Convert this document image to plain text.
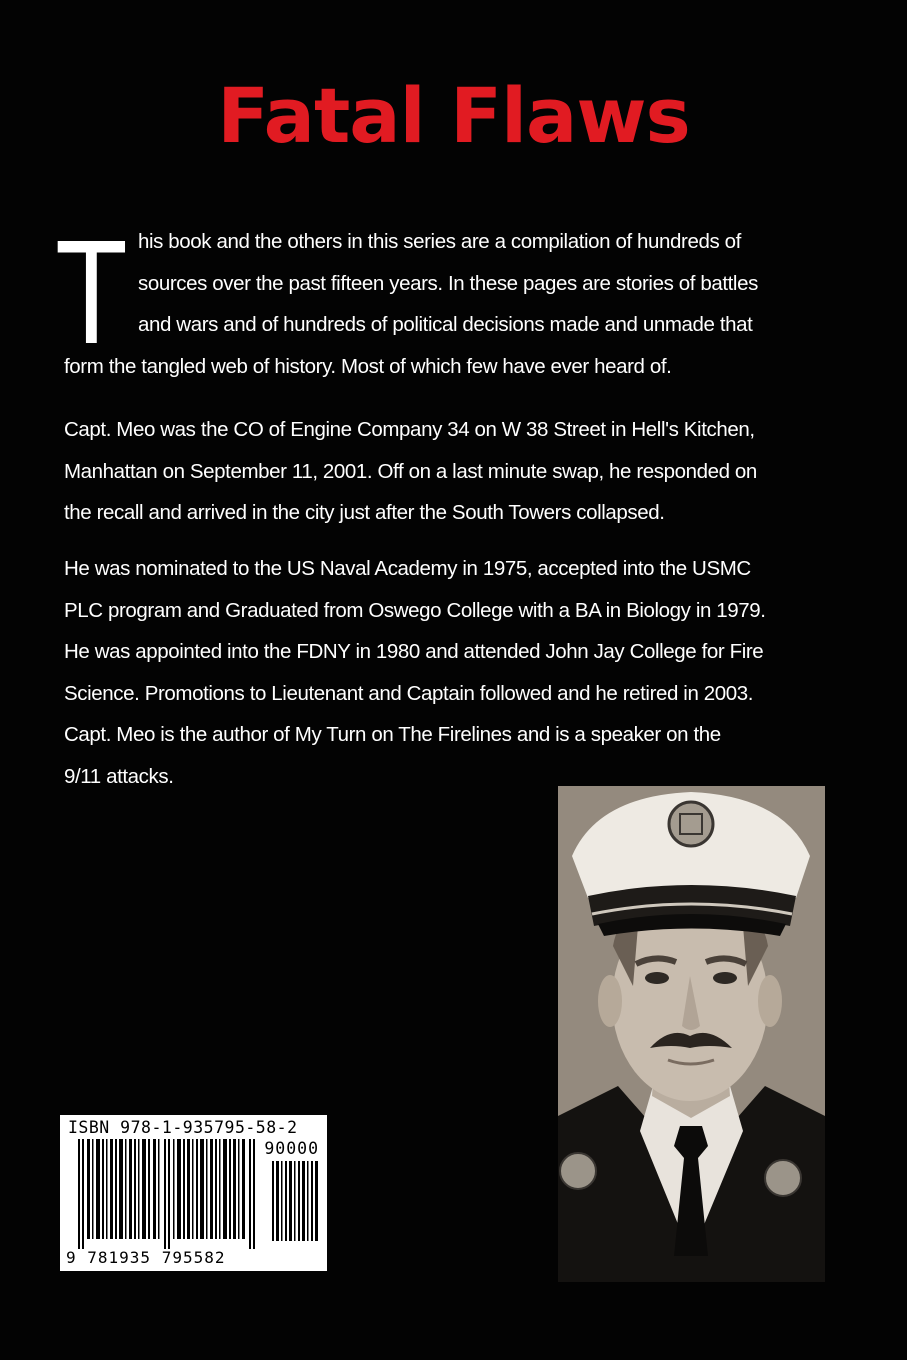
Fatal Flaws
T his book and the others in this series are a compilation of hundreds of
sources over the past fifteen years. In these pages are stories of battles
and wars and of hundreds of political decisions made and unmade that
form the tangled web of history. Most of which few have ever heard of.
Capt. Meo was the CO of Engine Company 34 on W 38 Street in Hell's Kitchen,
Manhattan on September 11, 2001. Off on a last minute swap, he responded on
the recall and arrived in the city just after the South Towers collapsed.
He was nominated to the US Naval Academy in 1975, accepted into the USMC
PLC program and Graduated from Oswego College with a BA in Biology in 1979.
He was appointed into the FDNY in 1980 and attended John Jay College for Fire
Science. Promotions to Lieutenant and Captain followed and he retired in 2003.
Capt. Meo is the author of My Turn on The Firelines and is a speaker on the
9/11 attacks.
ISBN 978-1-935795-58-2
90000
9 781935 795582
